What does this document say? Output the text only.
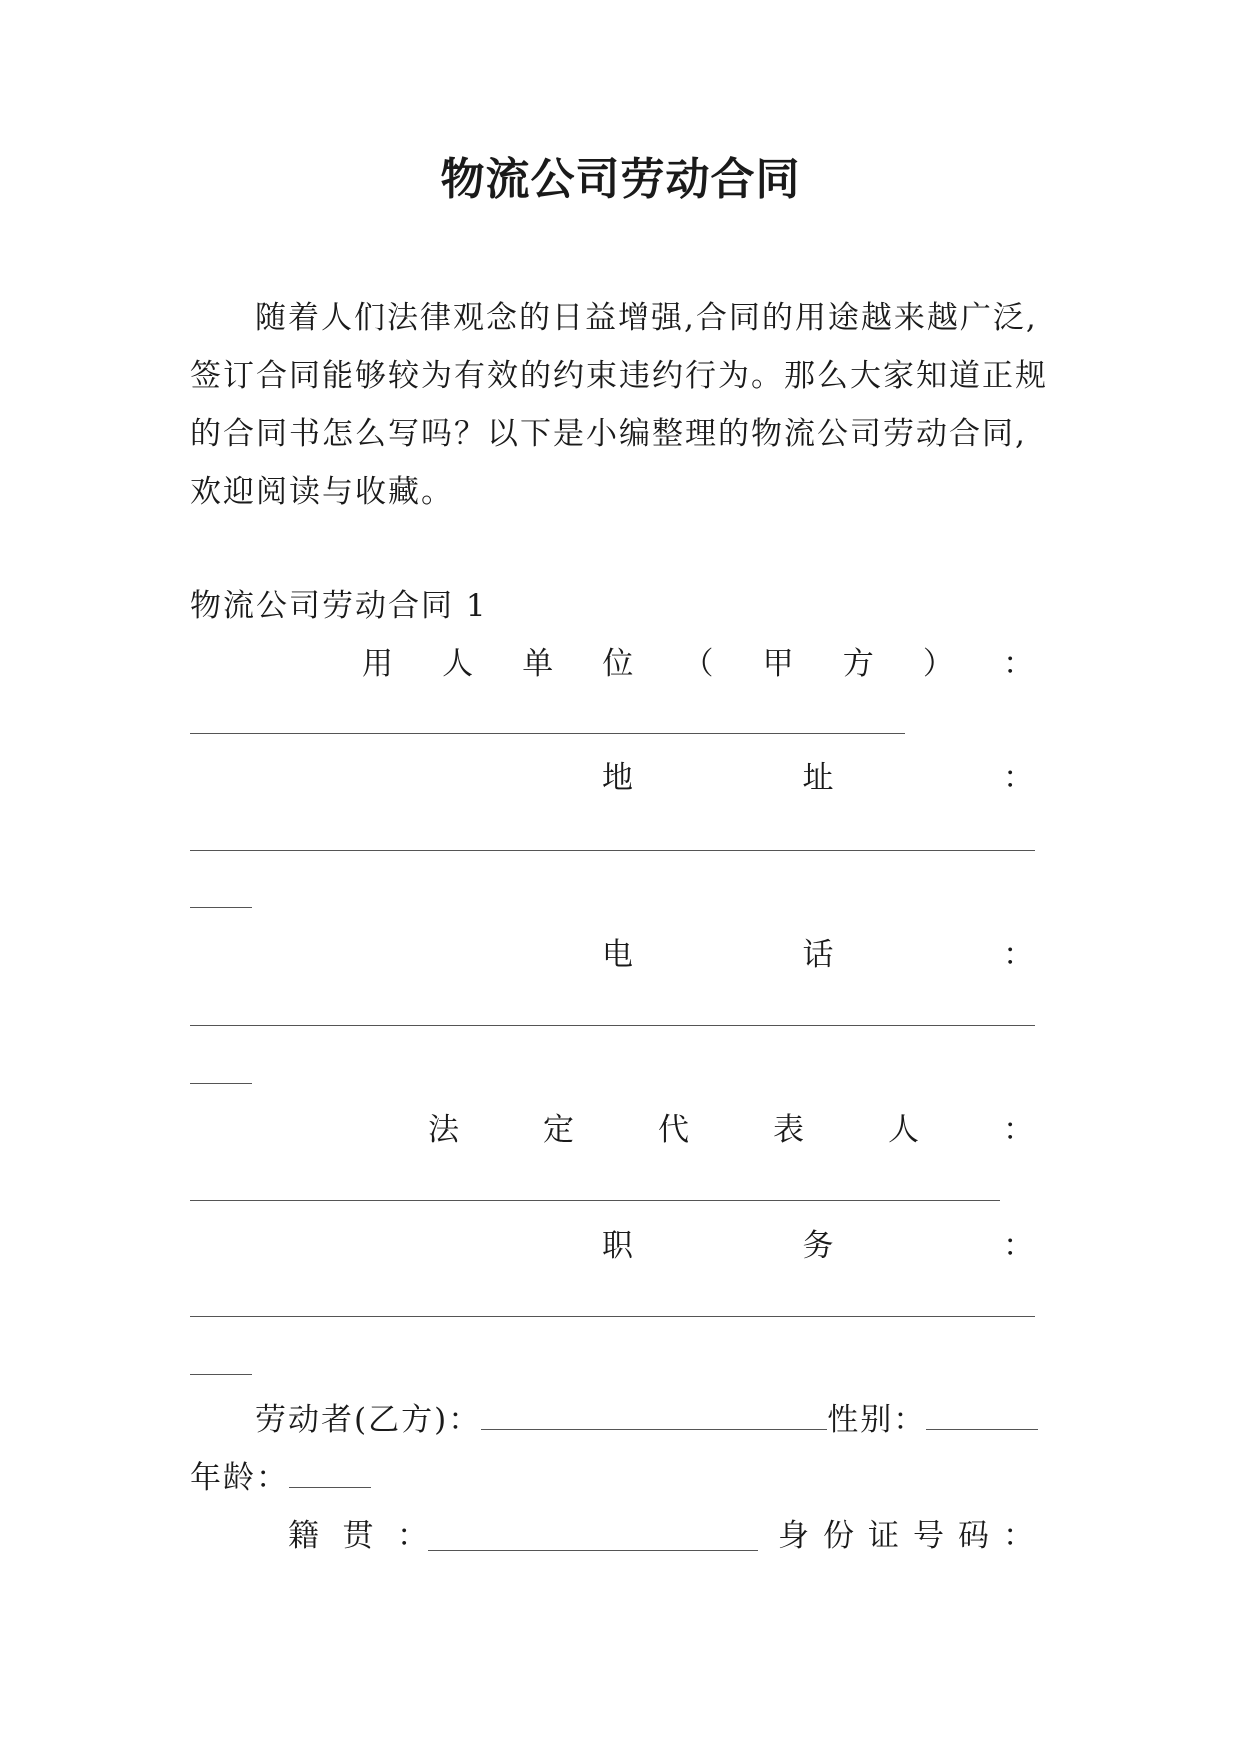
物流公司劳动合同
随着人们法律观念的日益增强,合同的用途越来越广泛,
签订合同能够较为有效的约束违约行为。那么大家知道正规
的合同书怎么写吗？以下是小编整理的物流公司劳动合同,
欢迎阅读与收藏。
物流公司劳动合同 1
用 人 单 位 （ 甲 方 ） ：
地	址	：
电	话	：
法	定	代	表	人	：
职	务	：
劳动者(乙方)：	性别：
年龄：
籍 贯 ：	身 份 证 号 码 ：
